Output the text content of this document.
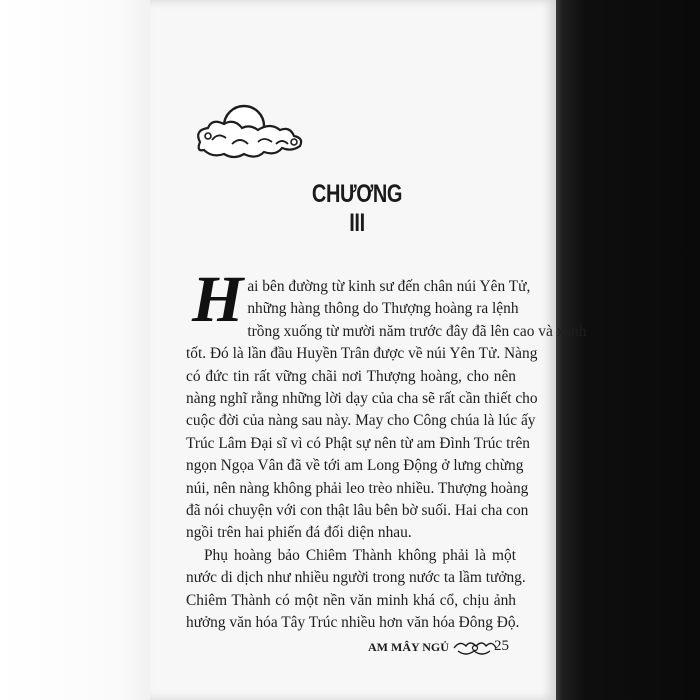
CHƯƠNG III
H ai bên đường từ kinh sư đến chân núi Yên Tử,
những hàng thông do Thượng hoàng ra lệnh
trồng xuống từ mười năm trước đây đã lên cao và xanh
tốt. Đó là lần đầu Huyền Trân được về núi Yên Tử. Nàng
có đức tin rất vững chãi nơi Thượng hoàng, cho nên
nàng nghĩ rằng những lời dạy của cha sẽ rất cần thiết cho
cuộc đời của nàng sau này. May cho Công chúa là lúc ấy
Trúc Lâm Đại sĩ vì có Phật sự nên từ am Đình Trúc trên
ngọn Ngọa Vân đã về tới am Long Động ở lưng chừng
núi, nên nàng không phải leo trèo nhiều. Thượng hoàng
đã nói chuyện với con thật lâu bên bờ suối. Hai cha con
ngồi trên hai phiến đá đối diện nhau.
Phụ hoàng bảo Chiêm Thành không phải là một
nước di dịch như nhiều người trong nước ta lầm tưởng.
Chiêm Thành có một nền văn minh khá cổ, chịu ảnh
hưởng văn hóa Tây Trúc nhiều hơn văn hóa Đông Độ.
AM MÂY NGỦ	25
